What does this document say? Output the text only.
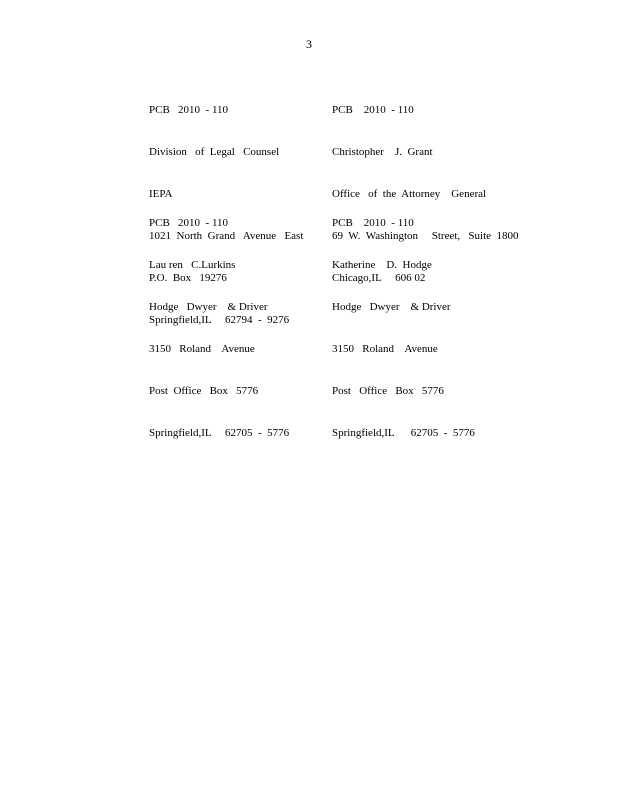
3

PCB   2010  - 110

Division   of  Legal   Counsel

IEPA

1021  North  Grand   Avenue   East

P.O.  Box   19276

Springfield,IL     62794  -  9276

PCB    2010  - 110

Christopher    J.  Grant

Office   of  the  Attorney    General

69  W.  Washington     Street,   Suite  1800

Chicago,IL     606 02

PCB   2010  - 110

Lau ren   C.Lurkins

Hodge   Dwyer    & Driver

3150   Roland    Avenue

Post  Office   Box   5776

Springfield,IL     62705  -  5776

PCB    2010  - 110

Katherine    D.  Hodge

Hodge   Dwyer    & Driver

3150   Roland    Avenue

Post   Office   Box   5776

Springfield,IL      62705  -  5776
